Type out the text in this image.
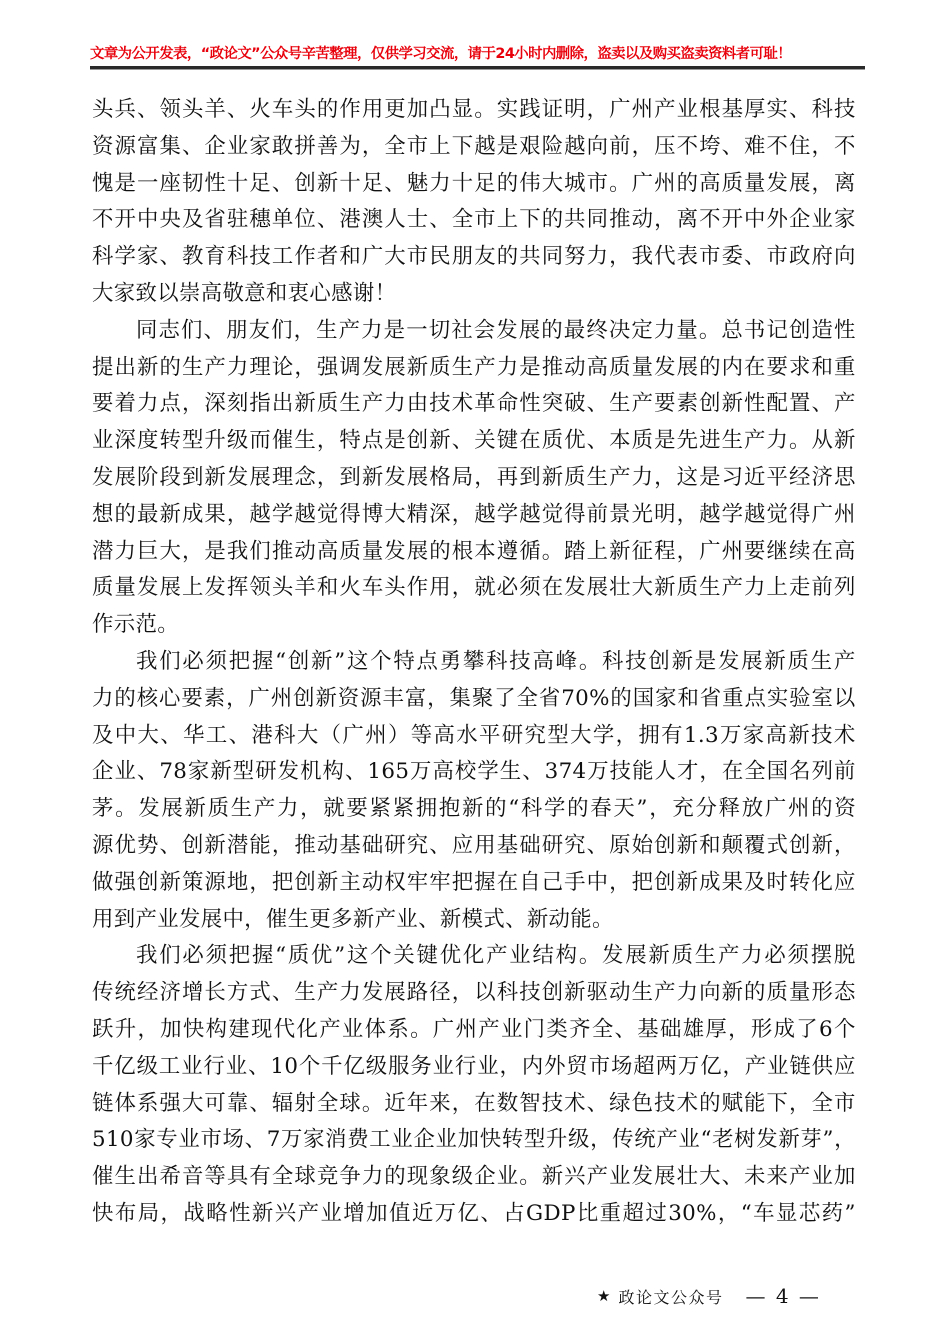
文章为公开发表，“政论文”公众号辛苦整理，仅供学习交流，请于24小时内删除，盗卖以及购买盗卖资料者可耻！

头 兵 、 领 头 羊 、 火 车 头 的 作 用 更 加 凸 显 。 实 践 证 明 ， 广 州 产 业 根 基 厚 实 、 科 技
资 源 富 集 、 企 业 家 敢 拼 善 为 ， 全 市 上 下 越 是 艰 险 越 向 前 ， 压 不 垮 、 难 不 住 ， 不
愧 是 一 座 韧 性 十 足 、 创 新 十 足 、 魅 力 十 足 的 伟 大 城 市 。 广 州 的 高 质 量 发 展 ， 离
不 开 中 央 及 省 驻 穗 单 位 、 港 澳 人 士 、 全 市 上 下 的 共 同 推 动 ， 离 不 开 中 外 企 业 家
科 学 家 、 教 育 科 技 工 作 者 和 广 大 市 民 朋 友 的 共 同 努 力 ， 我 代 表 市 委 、 市 政 府 向
大家致以崇高敬意和衷心感谢！

同 志 们 、 朋 友 们 ， 生 产 力 是 一 切 社 会 发 展 的 最 终 决 定 力 量 。 总 书 记 创 造 性
提 出 新 的 生 产 力 理 论 ， 强 调 发 展 新 质 生 产 力 是 推 动 高 质 量 发 展 的 内 在 要 求 和 重
要 着 力 点 ， 深 刻 指 出 新 质 生 产 力 由 技 术 革 命 性 突 破 、 生 产 要 素 创 新 性 配 置 、 产
业 深 度 转 型 升 级 而 催 生 ， 特 点 是 创 新 、 关 键 在 质 优 、 本 质 是 先 进 生 产 力 。 从 新
发 展 阶 段 到 新 发 展 理 念 ， 到 新 发 展 格 局 ， 再 到 新 质 生 产 力 ， 这 是 习 近 平 经 济 思
想 的 最 新 成 果 ， 越 学 越 觉 得 博 大 精 深 ， 越 学 越 觉 得 前 景 光 明 ， 越 学 越 觉 得 广 州
潜 力 巨 大 ， 是 我 们 推 动 高 质 量 发 展 的 根 本 遵 循 。 踏 上 新 征 程 ， 广 州 要 继 续 在 高
质 量 发 展 上 发 挥 领 头 羊 和 火 车 头 作 用 ， 就 必 须 在 发 展 壮 大 新 质 生 产 力 上 走 前 列
作示范。

我 们 必 须 把 握 “ 创 新 ” 这 个 特 点 勇 攀 科 技 高 峰 。 科 技 创 新 是 发 展 新 质 生 产
力 的 核 心 要 素 ， 广 州 创 新 资 源 丰 富 ， 集 聚 了 全 省 70% 的 国 家 和 省 重 点 实 验 室 以
及 中 大 、 华 工 、 港 科 大 （ 广 州 ） 等 高 水 平 研 究 型 大 学 ， 拥 有 1.3 万 家 高 新 技 术
企 业 、 78 家 新 型 研 发 机 构 、 165 万 高 校 学 生 、 374 万 技 能 人 才 ， 在 全 国 名 列 前
茅 。 发 展 新 质 生 产 力 ， 就 要 紧 紧 拥 抱 新 的 “ 科 学 的 春 天 ” ， 充 分 释 放 广 州 的 资
源 优 势 、 创 新 潜 能 ， 推 动 基 础 研 究 、 应 用 基 础 研 究 、 原 始 创 新 和 颠 覆 式 创 新 ，
做 强 创 新 策 源 地 ， 把 创 新 主 动 权 牢 牢 把 握 在 自 己 手 中 ， 把 创 新 成 果 及 时 转 化 应
用到产业发展中，催生更多新产业、新模式、新动能。

我 们 必 须 把 握 “ 质 优 ” 这 个 关 键 优 化 产 业 结 构 。 发 展 新 质 生 产 力 必 须 摆 脱
传 统 经 济 增 长 方 式 、 生 产 力 发 展 路 径 ， 以 科 技 创 新 驱 动 生 产 力 向 新 的 质 量 形 态
跃 升 ， 加 快 构 建 现 代 化 产 业 体 系 。 广 州 产 业 门 类 齐 全 、 基 础 雄 厚 ， 形 成 了 6 个
千 亿 级 工 业 行 业 、 10 个 千 亿 级 服 务 业 行 业 ， 内 外 贸 市 场 超 两 万 亿 ， 产 业 链 供 应
链 体 系 强 大 可 靠 、 辐 射 全 球 。 近 年 来 ， 在 数 智 技 术 、 绿 色 技 术 的 赋 能 下 ， 全 市
510 家 专 业 市 场 、 7 万 家 消 费 工 业 企 业 加 快 转 型 升 级 ， 传 统 产 业 “ 老 树 发 新 芽 ” ，
催 生 出 希 音 等 具 有 全 球 竞 争 力 的 现 象 级 企 业 。 新 兴 产 业 发 展 壮 大 、 未 来 产 业 加
快 布 局 ， 战 略 性 新 兴 产 业 增 加 值 近 万 亿 、 占 GDP 比 重 超 过 30% ， “ 车 显 芯 药 ”

★ 政论文公众号 — 4 —
